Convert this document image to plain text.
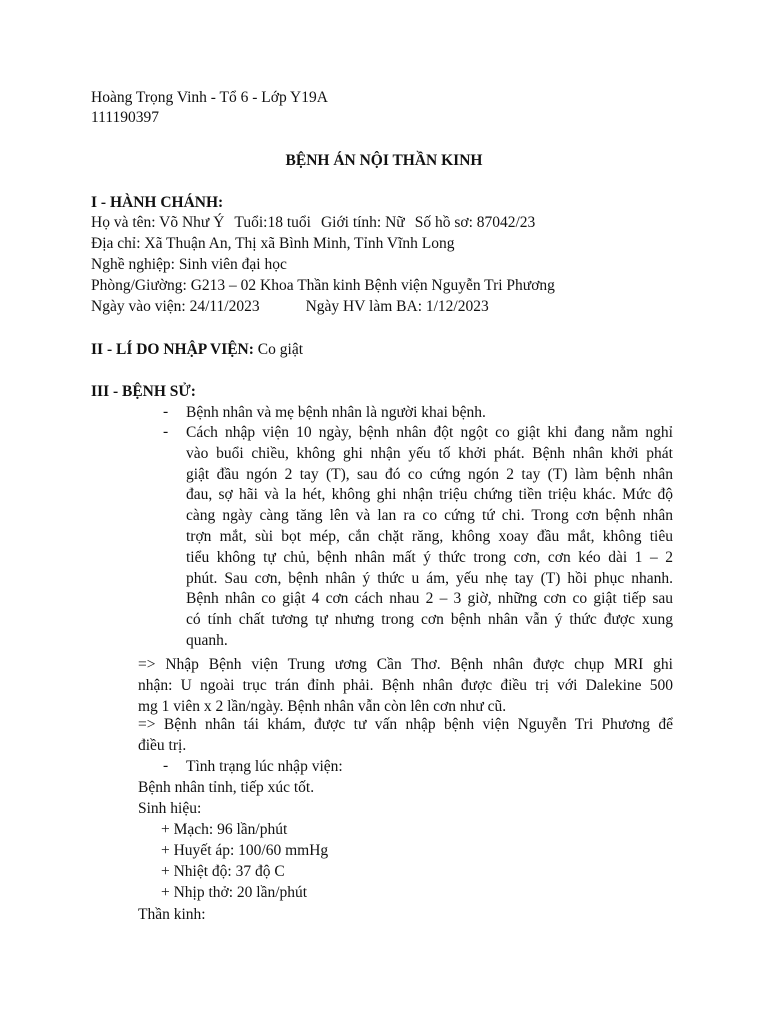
Hoàng Trọng Vinh - Tổ 6 - Lớp Y19A
111190397
BỆNH ÁN NỘI THẦN KINH
I - HÀNH CHÁNH:
Họ và tên: Võ Như Ý Tuổi:18 tuổi Giới tính: Nữ Số hồ sơ: 87042/23
Địa chỉ: Xã Thuận An, Thị xã Bình Minh, Tỉnh Vĩnh Long
Nghề nghiệp: Sinh viên đại học
Phòng/Giường: G213 – 02 Khoa Thần kinh Bệnh viện Nguyễn Tri Phương
Ngày vào viện: 24/11/2023	Ngày HV làm BA: 1/12/2023
II - LÍ DO NHẬP VIỆN: Co giật
III - BỆNH SỬ:
- Bệnh nhân và mẹ bệnh nhân là người khai bệnh.
- Cách nhập viện 10 ngày, bệnh nhân đột ngột co giật khi đang nằm nghỉ
vào buổi chiều, không ghi nhận yếu tố khởi phát. Bệnh nhân khởi phát
giật đầu ngón 2 tay (T), sau đó co cứng ngón 2 tay (T) làm bệnh nhân
đau, sợ hãi và la hét, không ghi nhận triệu chứng tiền triệu khác. Mức độ
càng ngày càng tăng lên và lan ra co cứng tứ chi. Trong cơn bệnh nhân
trợn mắt, sùi bọt mép, cắn chặt răng, không xoay đầu mắt, không tiêu
tiểu không tự chủ, bệnh nhân mất ý thức trong cơn, cơn kéo dài 1 – 2
phút. Sau cơn, bệnh nhân ý thức u ám, yếu nhẹ tay (T) hồi phục nhanh.
Bệnh nhân co giật 4 cơn cách nhau 2 – 3 giờ, những cơn co giật tiếp sau
có tính chất tương tự nhưng trong cơn bệnh nhân vẫn ý thức được xung
quanh.
=> Nhập Bệnh viện Trung ương Cần Thơ. Bệnh nhân được chụp MRI ghi
nhận: U ngoài trục trán đỉnh phải. Bệnh nhân được điều trị với Dalekine 500
mg 1 viên x 2 lần/ngày. Bệnh nhân vẫn còn lên cơn như cũ.
=> Bệnh nhân tái khám, được tư vấn nhập bệnh viện Nguyễn Tri Phương để
điều trị.
- Tình trạng lúc nhập viện:
Bệnh nhân tỉnh, tiếp xúc tốt.
Sinh hiệu:
+ Mạch: 96 lần/phút
+ Huyết áp: 100/60 mmHg
+ Nhiệt độ: 37 độ C
+ Nhịp thở: 20 lần/phút
Thần kinh:
